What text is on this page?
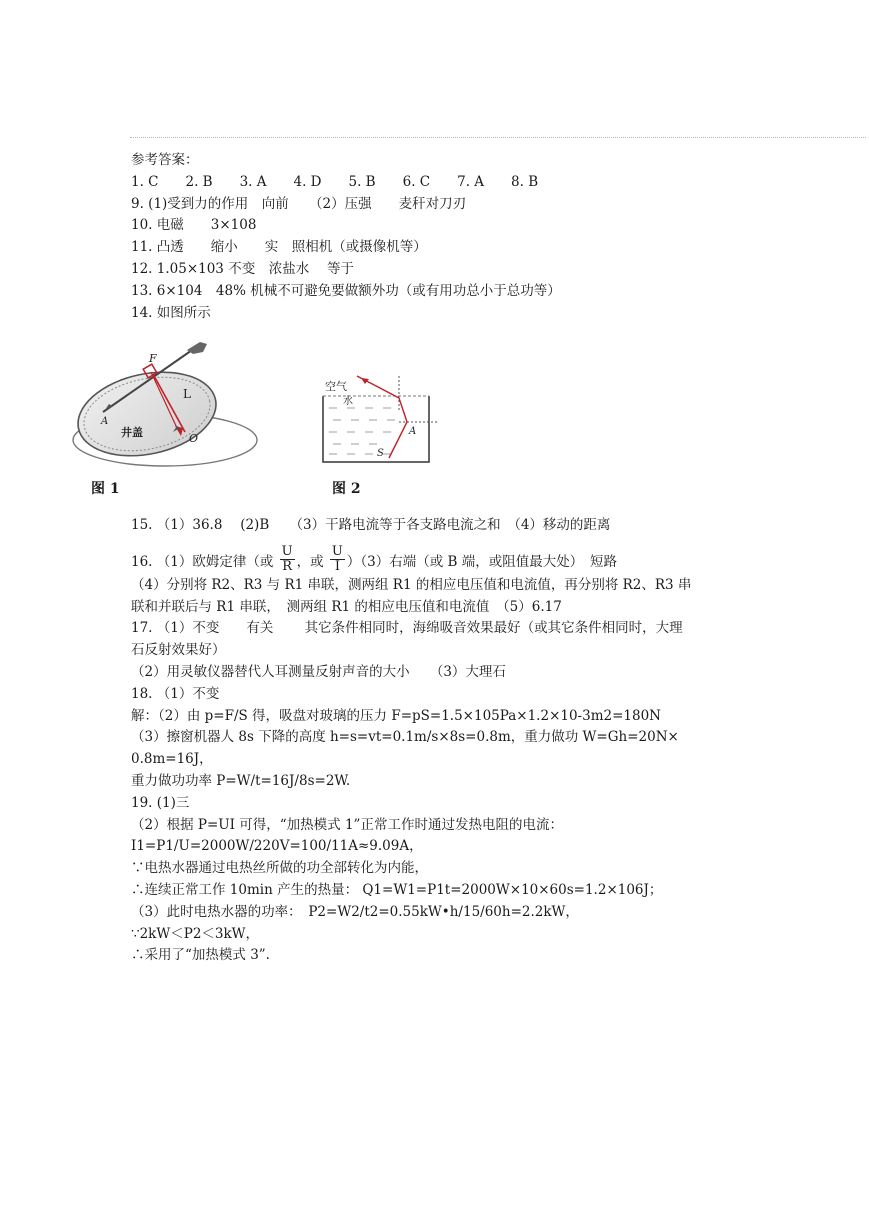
参考答案：
1. C　　2. B　　3. A　　4. D　　5. B　　6. C　　7. A　　8. B
9. (1)受到力的作用　向前　　（2）压强　　麦秆对刀刃
10. 电磁　　3×108
11. 凸透　　缩小　　实　照相机（或摄像机等）
12. 1.05×103 不变　浓盐水　 等于
13. 6×104　48% 机械不可避免要做额外功（或有用功总小于总功等）
14. 如图所示
F
A
L
井盖	O
图 1
空气
水
A
S
图 2
15. （1）36.8　 (2)B　　（3）干路电流等于各支路电流之和　（4）移动的距离
16. （1）欧姆定律（或 $\frac{U}{R}$ ，或 $\frac{U}{I} )(3)$右端（或 B 端，或阻值最大处）　短路
（4）分别将 R2、R3 与 R1 串联，测两组 R1 的相应电压值和电流值，再分别将 R2、R3 串
联和并联后与 R1 串联，　测两组 R1 的相应电压值和电流值　（5）6.17
17. （1）不变　　有关　　 其它条件相同时，海绵吸音效果最好（或其它条件相同时，大理
石反射效果好）
（2）用灵敏仪器替代人耳测量反射声音的大小　　（3）大理石
18. （1）不变
解：（2）由 p=F/S 得，吸盘对玻璃的压力 F=pS=1.5×105Pa×1.2×10-3m2=180N
（3）擦窗机器人 8s 下降的高度 h=s=vt=0.1m/s×8s=0.8m，重力做功 W=Gh=20N×
0.8m=16J，
重力做功功率 P=W/t=16J/8s=2W.
19. (1)三
（2）根据 P=UI 可得，“加热模式 1”正常工作时通过发热电阻的电流：
I1=P1/U=2000W/220V=100/11A≈9.09A，
∵电热水器通过电热丝所做的功全部转化为内能，
∴连续正常工作 10min 产生的热量： Q1=W1=P1t=2000W×10×60s=1.2×106J；
（3）此时电热水器的功率：　P2=W2/t2=0.55kW•h/15/60h=2.2kW，
∵2kW＜P2＜3kW，
∴采用了“加热模式 3”.
